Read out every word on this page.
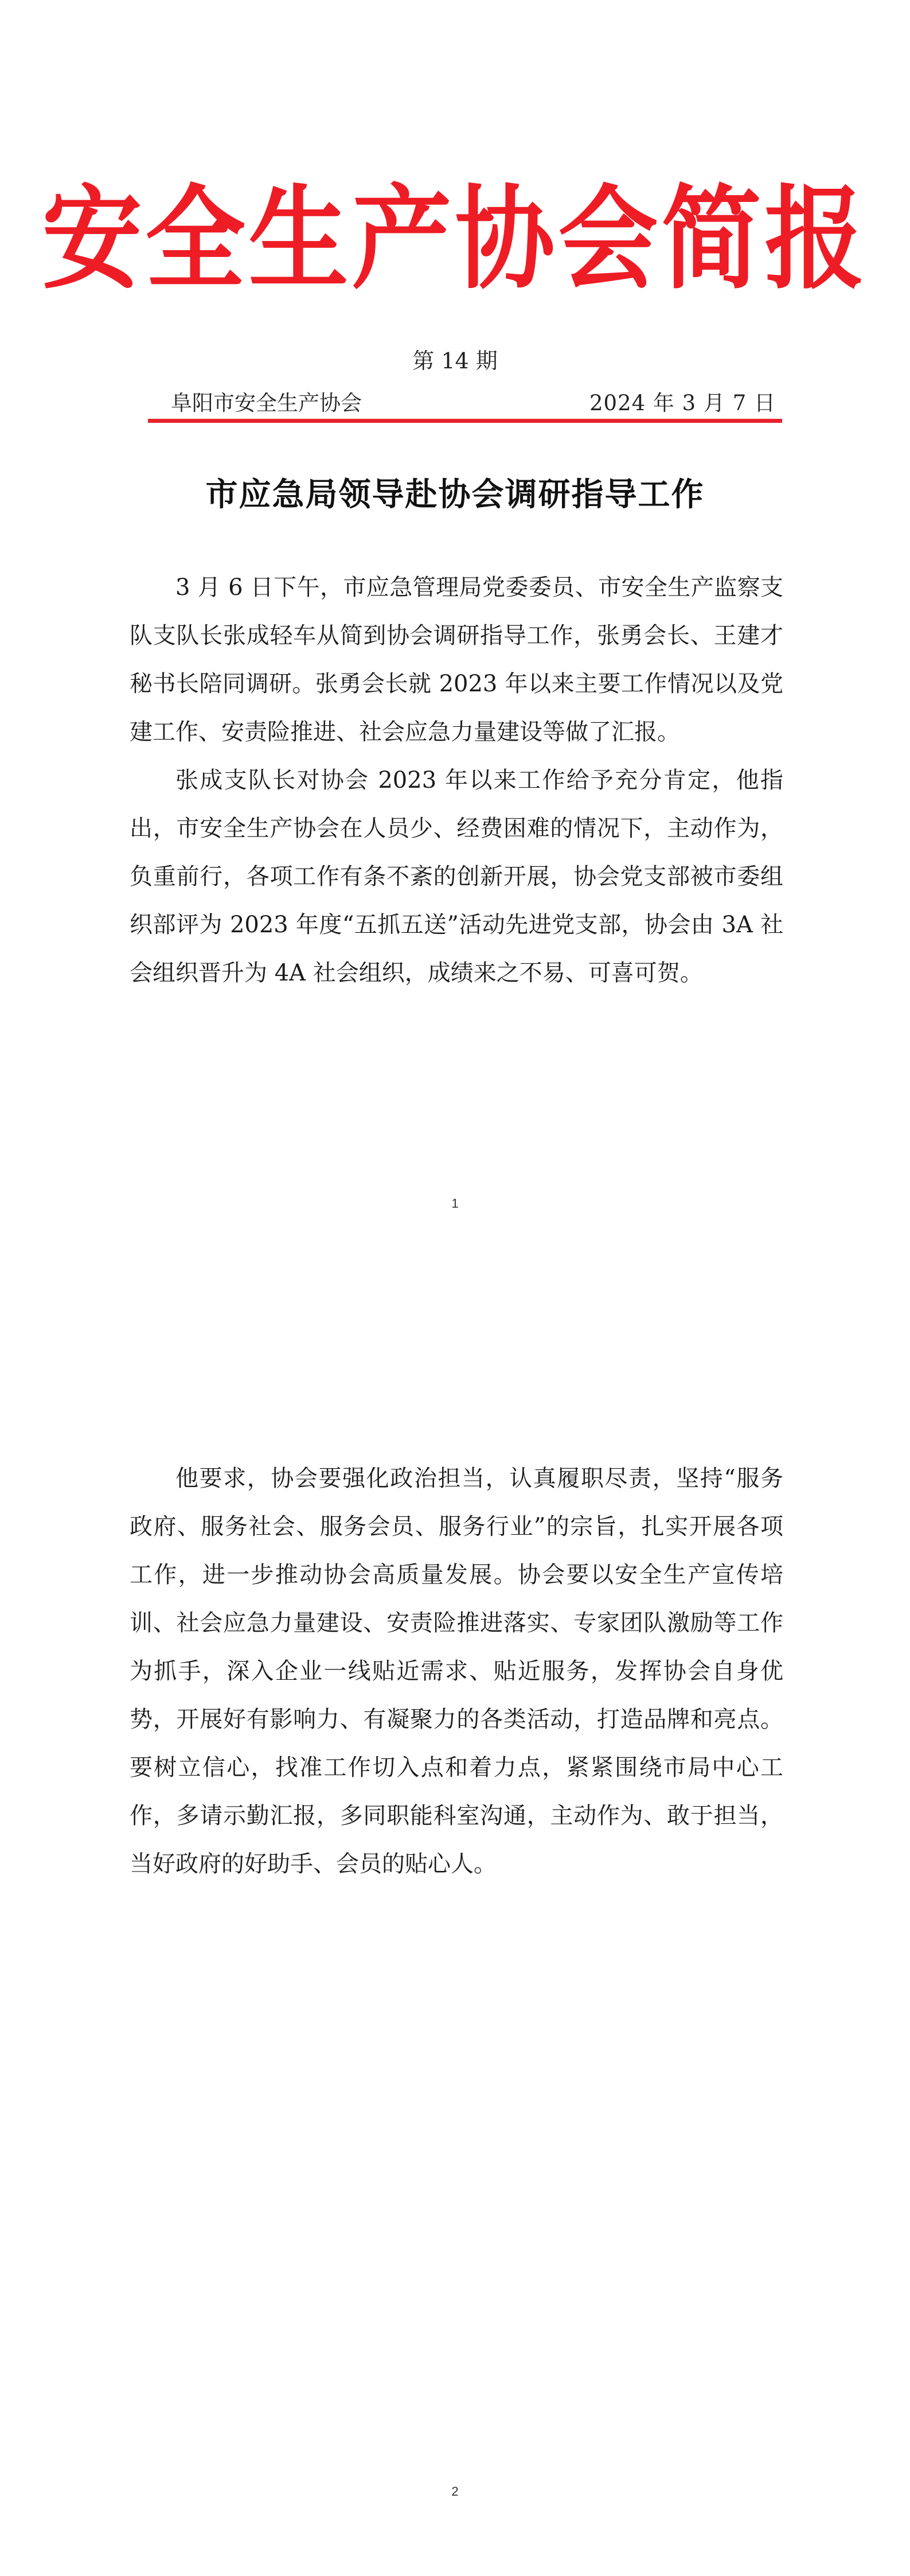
安全生产协会简报
第 14 期
阜阳市安全生产协会	2024 年 3 月 7 日
市应急局领导赴协会调研指导工作

3 月 6 日下午，市应急管理局党委委员、市安全生产监察支队支队长张成轻车从简到协会调研指导工作，张勇会长、王建才秘书长陪同调研。张勇会长就 2023 年以来主要工作情况以及党建工作、安责险推进、社会应急力量建设等做了汇报。

张成支队长对协会 2023 年以来工作给予充分肯定，他指出，市安全生产协会在人员少、经费困难的情况下，主动作为，负重前行，各项工作有条不紊的创新开展，协会党支部被市委组织部评为 2023 年度“五抓五送”活动先进党支部，协会由 3A 社会组织晋升为 4A 社会组织，成绩来之不易、可喜可贺。

1

他要求，协会要强化政治担当，认真履职尽责，坚持“服务政府、服务社会、服务会员、服务行业”的宗旨，扎实开展各项工作，进一步推动协会高质量发展。协会要以安全生产宣传培训、社会应急力量建设、安责险推进落实、专家团队激励等工作为抓手，深入企业一线贴近需求、贴近服务，发挥协会自身优势，开展好有影响力、有凝聚力的各类活动，打造品牌和亮点。要树立信心，找准工作切入点和着力点，紧紧围绕市局中心工作，多请示勤汇报，多同职能科室沟通，主动作为、敢于担当，当好政府的好助手、会员的贴心人。

2
